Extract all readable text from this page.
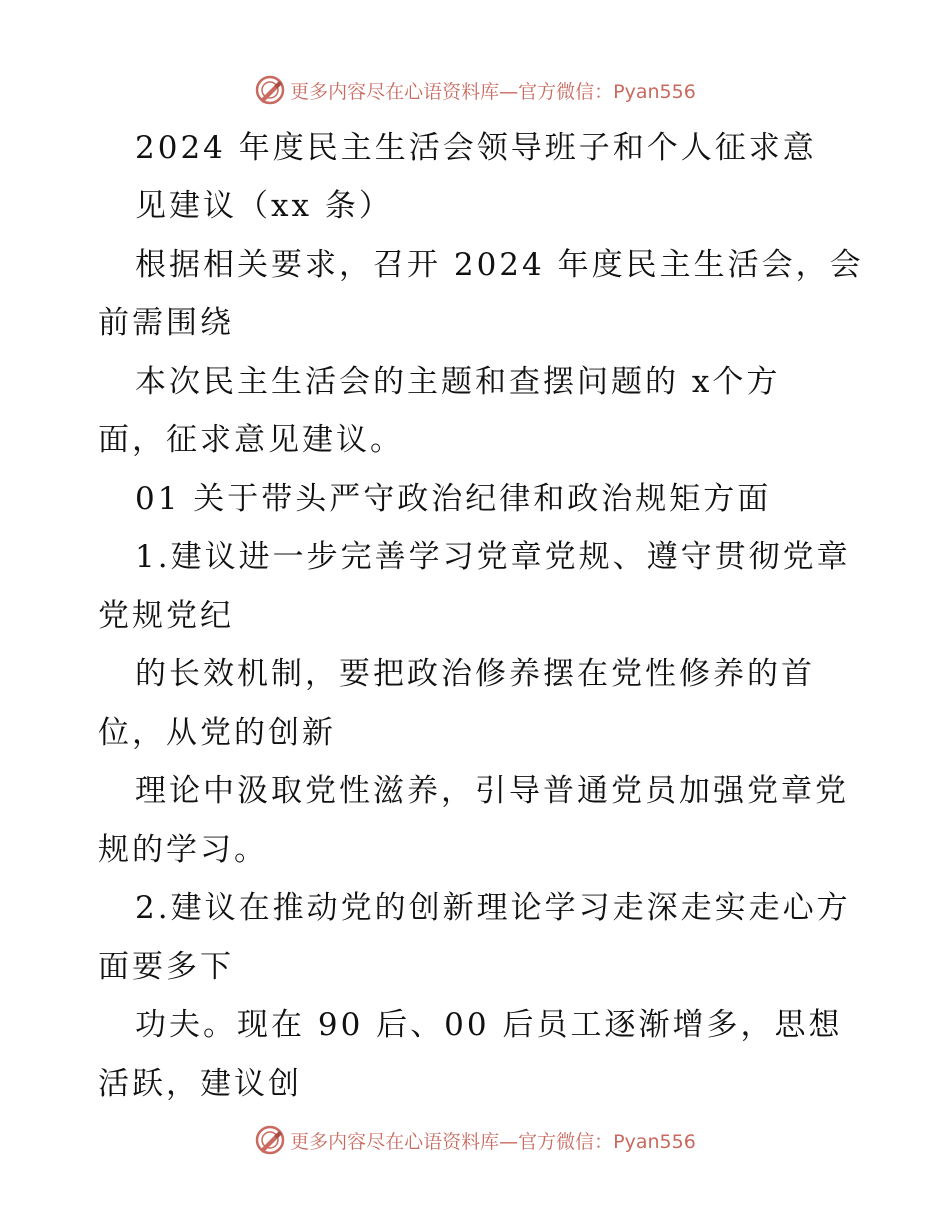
更多内容尽在心语资料库—官方微信：Pyan556
2024 年度民主生活会领导班子和个人征求意
见建议（xx 条）
根据相关要求，召开 2024 年度民主生活会，会
前需围绕
本次民主生活会的主题和查摆问题的 x个方
面，征求意见建议。
01 关于带头严守政治纪律和政治规矩方面
1.建议进一步完善学习党章党规、遵守贯彻党章
党规党纪
的长效机制，要把政治修养摆在党性修养的首
位，从党的创新
理论中汲取党性滋养，引导普通党员加强党章党
规的学习。
2.建议在推动党的创新理论学习走深走实走心方
面要多下
功夫。现在 90 后、00 后员工逐渐增多，思想
活跃，建议创
更多内容尽在心语资料库—官方微信：Pyan556
